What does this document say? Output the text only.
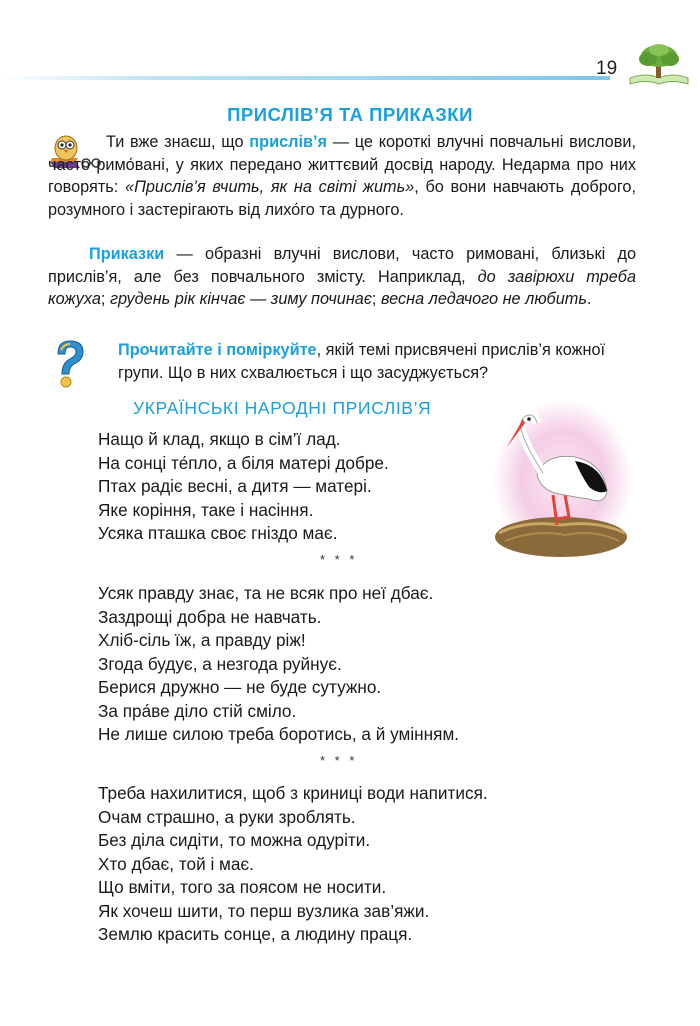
19
ПРИСЛІВ’Я ТА ПРИКАЗКИ

Ти вже знаєш, що прислів’я — це короткі влучні повчальні вислови, часто римо́вані, у яких передано життєвий досвід народу. Недарма про них говорять: «Прислів’я вчить, як на світі жить», бо вони навчають доброго, розумного і застерігають від лихо́го та дурного.

Приказки — образні влучні вислови, часто римовані, близькі до прислів’я, але без повчального змісту. Наприклад, до завірюхи треба кожуха; грудень рік кінчає — зиму починає; весна ледачого не любить.

Прочитайте і поміркуйте, якій темі присвячені прислів’я кожної групи. Що в них схвалюється і що засуджується?

УКРАЇНСЬКІ НАРОДНІ ПРИСЛІВ’Я
Нащо й клад, якщо в сім’ї лад.
На сонці те́пло, а біля матері добре.
Птах радіє весні, а дитя — матері.
Яке коріння, таке і насіння.
Усяка пташка своє гніздо має.
* * *
Усяк правду знає, та не всяк про неї дбає.
Заздрощі добра не навчать.
Хліб-сіль їж, а правду ріж!
Згода будує, а незгода руйнує.
Берися дружно — не буде сутужно.
За пра́ве діло стій сміло.
Не лише силою треба боротись, а й умінням.
* * *
Треба нахилитися, щоб з криниці води напитися.
Очам страшно, а руки зроблять.
Без діла сидіти, то можна одуріти.
Хто дбає, той і має.
Що вміти, того за поясом не носити.
Як хочеш шити, то перш вузлика зав’яжи.
Землю красить сонце, а людину праця.
